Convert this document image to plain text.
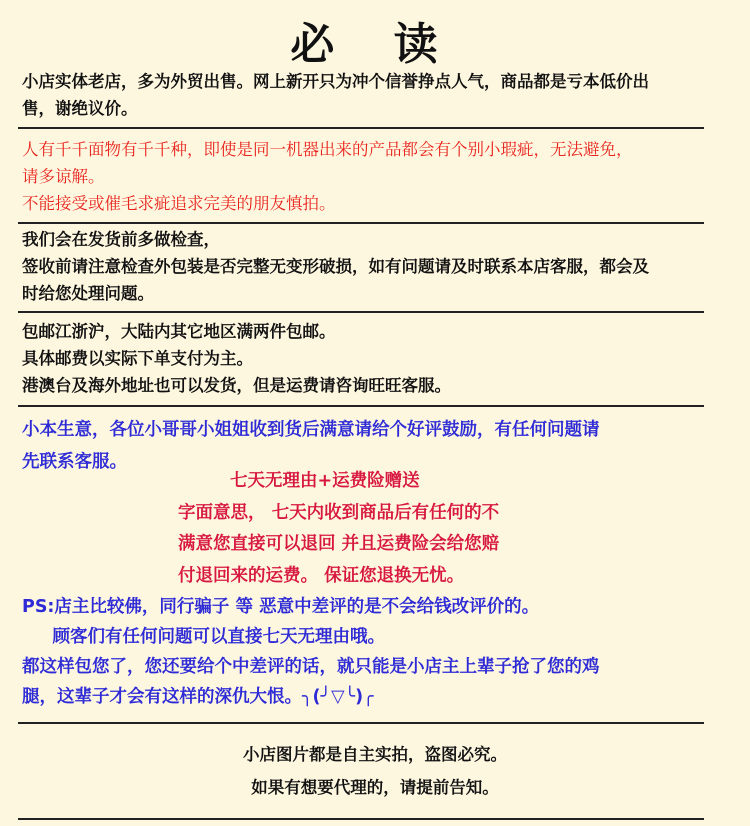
必 读
小店实体老店，多为外贸出售。网上新开只为冲个信誉挣点人气，商品都是亏本低价出
售，谢绝议价。
人有千千面物有千千种，即使是同一机器出来的产品都会有个别小瑕疵，无法避免，
请多谅解。
不能接受或催毛求疵追求完美的朋友慎拍。
我们会在发货前多做检查，
签收前请注意检查外包装是否完整无变形破损，如有问题请及时联系本店客服，都会及
时给您处理问题。
包邮江浙沪，大陆内其它地区满两件包邮。
具体邮费以实际下单支付为主。
港澳台及海外地址也可以发货，但是运费请咨询旺旺客服。
小本生意，各位小哥哥小姐姐收到货后满意请给个好评鼓励，有任何问题请
先联系客服。
七天无理由+运费险赠送
字面意思， 七天内收到商品后有任何的不
满意您直接可以退回 并且运费险会给您赔
付退回来的运费。 保证您退换无忧。
PS:店主比较佛，同行骗子 等 恶意中差评的是不会给钱改评价的。
顾客们有任何问题可以直接七天无理由哦。
都这样包您了，您还要给个中差评的话，就只能是小店主上辈子抢了您的鸡
腿，这辈子才会有这样的深仇大恨。╮(╯▽╰)╭
小店图片都是自主实拍，盗图必究。
如果有想要代理的，请提前告知。
